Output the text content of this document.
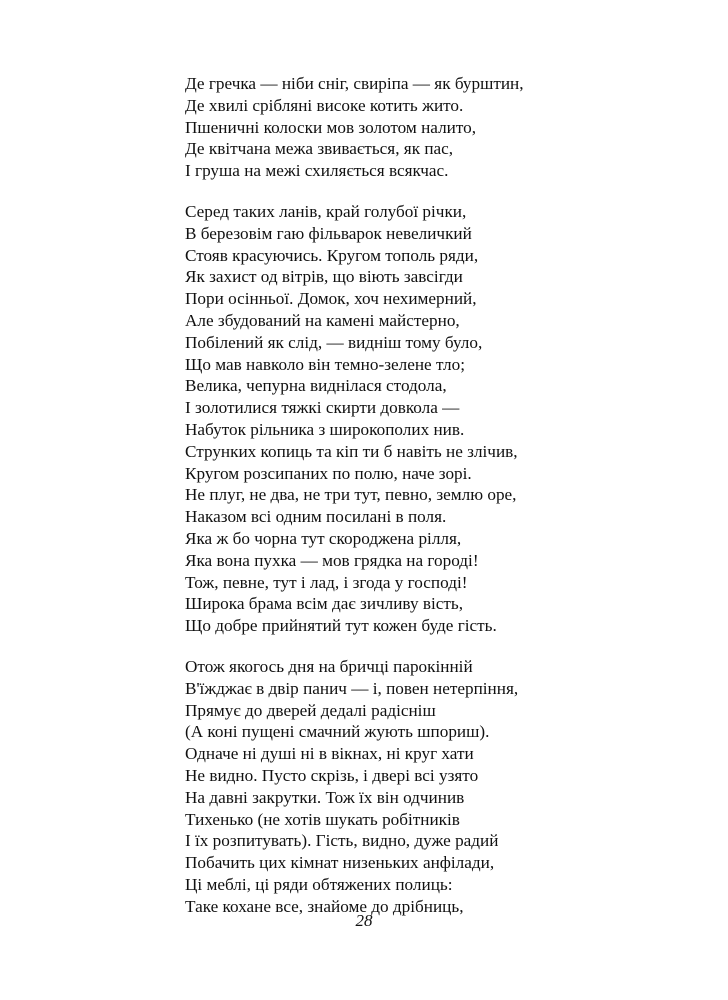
Де гречка — ніби сніг, свиріпа — як бурштин,
Де хвилі сріблянi високе котить жито.
Пшеничні колоски мов золотом налито,
Де квітчана межа звивається, як пас,
І груша на межі схиляється всякчас.
Серед таких ланів, край голубої річки,
В березовім гаю фільварок невеличкий
Стояв красуючись. Кругом тополь ряди,
Як захист од вітрів, що віють завсігди
Пори осінньої. Домок, хоч нехимерний,
Але збудований на камені майстерно,
Побілений як слід, — видніш тому було,
Що мав навколо він темно-зелене тло;
Велика, чепурна виднілася стодола,
І золотилися тяжкі скирти довкола —
Набуток рільника з широкополих нив.
Струнких копиць та кіп ти б навіть не злічив,
Кругом розсипаних по полю, наче зорі.
Не плуг, не два, не три тут, певно, землю оре,
Наказом всі одним посилані в поля.
Яка ж бо чорна тут скороджена рілля,
Яка вона пухка — мов грядка на городі!
Тож, певне, тут і лад, і згода у господі!
Широка брама всім дає зичливу вість,
Що добре прийнятий тут кожен буде гість.
Отож якогось дня на бричці парокінній
В'їжджає в двір панич — і, повен нетерпіння,
Прямує до дверей дедалі радісніш
(А коні пущені смачний жують шпориш).
Одначе ні душі ні в вікнах, ні круг хати
Не видно. Пусто скрізь, і двері всі узято
На давні закрутки. Тож їх він одчинив
Тихенько (не хотів шукать робітників
І їх розпитувать). Гість, видно, дуже радий
Побачить цих кімнат низеньких анфілади,
Ці меблі, ці ряди обтяжених полиць:
Таке кохане все, знайоме до дрібниць,
28
